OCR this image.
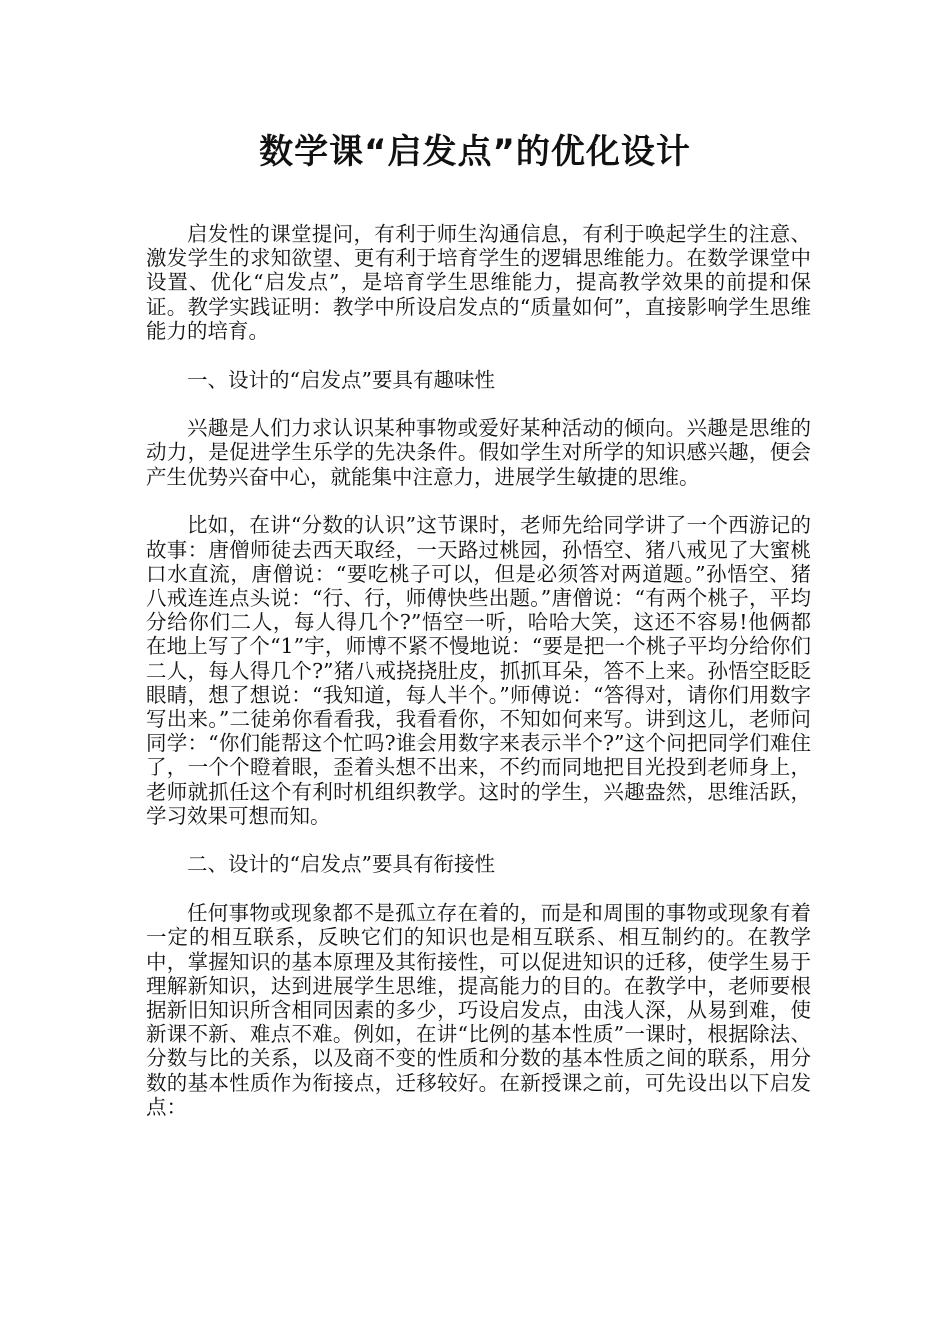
数学课“启发点”的优化设计

启发性的课堂提问，有利于师生沟通信息，有利于唤起学生的注意、激发学生的求知欲望、更有利于培育学生的逻辑思维能力。在数学课堂中设置、优化“启发点”，是培育学生思维能力，提高教学效果的前提和保证。教学实践证明：教学中所设启发点的“质量如何”，直接影响学生思维能力的培育。

一、设计的“启发点”要具有趣味性

兴趣是人们力求认识某种事物或爱好某种活动的倾向。兴趣是思维的动力，是促进学生乐学的先决条件。假如学生对所学的知识感兴趣，便会产生优势兴奋中心，就能集中注意力，进展学生敏捷的思维。

比如，在讲“分数的认识”这节课时，老师先给同学讲了一个西游记的故事：唐僧师徒去西天取经，一天路过桃园，孙悟空、猪八戒见了大蜜桃口水直流，唐僧说：“要吃桃子可以，但是必须答对两道题。”孙悟空、猪八戒连连点头说：“行、行，师傅快些出题。”唐僧说：“有两个桃子，平均分给你们二人，每人得几个?”悟空一听，哈哈大笑，这还不容易!他俩都在地上写了个“1”宇，师博不紧不慢地说：“要是把一个桃子平均分给你们二人，每人得几个?”猪八戒挠挠肚皮，抓抓耳朵，答不上来。孙悟空眨眨眼睛，想了想说：“我知道，每人半个。”师傅说：“答得对，请你们用数字写出来。”二徒弟你看看我，我看看你，不知如何来写。讲到这儿，老师问同学：“你们能帮这个忙吗?谁会用数字来表示半个?”这个问把同学们难住了，一个个瞪着眼，歪着头想不出来，不约而同地把目光投到老师身上，老师就抓任这个有利时机组织教学。这时的学生，兴趣盎然，思维活跃，学习效果可想而知。

二、设计的“启发点”要具有衔接性

任何事物或现象都不是孤立存在着的，而是和周围的事物或现象有着一定的相互联系，反映它们的知识也是相互联系、相互制约的。在教学中，掌握知识的基本原理及其衔接性，可以促进知识的迁移，使学生易于理解新知识，达到进展学生思维，提高能力的目的。在教学中，老师要根据新旧知识所含相同因素的多少，巧设启发点，由浅人深，从易到难，使新课不新、难点不难。例如，在讲“比例的基本性质”一课时，根据除法、分数与比的关系，以及商不变的性质和分数的基本性质之间的联系，用分数的基本性质作为衔接点，迁移较好。在新授课之前，可先设出以下启发点：
